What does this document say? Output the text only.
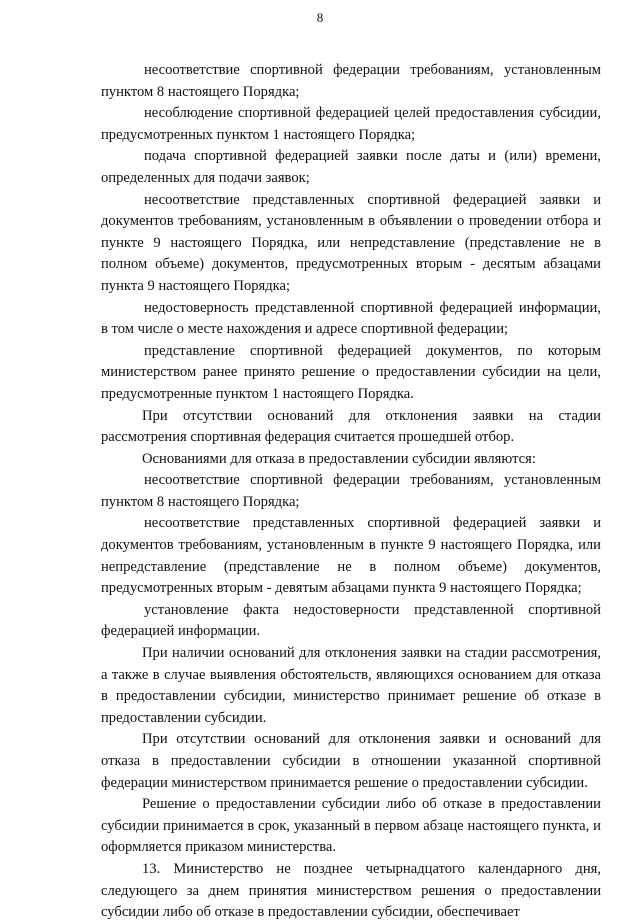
8

несоответствие спортивной федерации требованиям, установленным пунктом 8 настоящего Порядка;

несоблюдение спортивной федерацией целей предоставления субсидии, предусмотренных пунктом 1 настоящего Порядка;

подача спортивной федерацией заявки после даты и (или) времени, определенных для подачи заявок;

несоответствие представленных спортивной федерацией заявки и документов требованиям, установленным в объявлении о проведении отбора и пункте 9 настоящего Порядка, или непредставление (представление не в полном объеме) документов, предусмотренных вторым - десятым абзацами пункта 9 настоящего Порядка;

недостоверность представленной спортивной федерацией информации, в том числе о месте нахождения и адресе спортивной федерации;

представление спортивной федерацией документов, по которым министерством ранее принято решение о предоставлении субсидии на цели, предусмотренные пунктом 1 настоящего Порядка.

При отсутствии оснований для отклонения заявки на стадии рассмотрения спортивная федерация считается прошедшей отбор.

Основаниями для отказа в предоставлении субсидии являются:

несоответствие спортивной федерации требованиям, установленным пунктом 8 настоящего Порядка;

несоответствие представленных спортивной федерацией заявки и документов требованиям, установленным в пункте 9 настоящего Порядка, или непредставление (представление не в полном объеме) документов, предусмотренных вторым - девятым абзацами пункта 9 настоящего Порядка;

установление факта недостоверности представленной спортивной федерацией информации.

При наличии оснований для отклонения заявки на стадии рассмотрения, а также в случае выявления обстоятельств, являющихся основанием для отказа в предоставлении субсидии, министерство принимает решение об отказе в предоставлении субсидии.

При отсутствии оснований для отклонения заявки и оснований для отказа в предоставлении субсидии в отношении указанной спортивной федерации министерством принимается решение о предоставлении субсидии.

Решение о предоставлении субсидии либо об отказе в предоставлении субсидии принимается в срок, указанный в первом абзаце настоящего пункта, и оформляется приказом министерства.

13. Министерство не позднее четырнадцатого календарного дня, следующего за днем принятия министерством решения о предоставлении субсидии либо об отказе в предоставлении субсидии, обеспечивает
